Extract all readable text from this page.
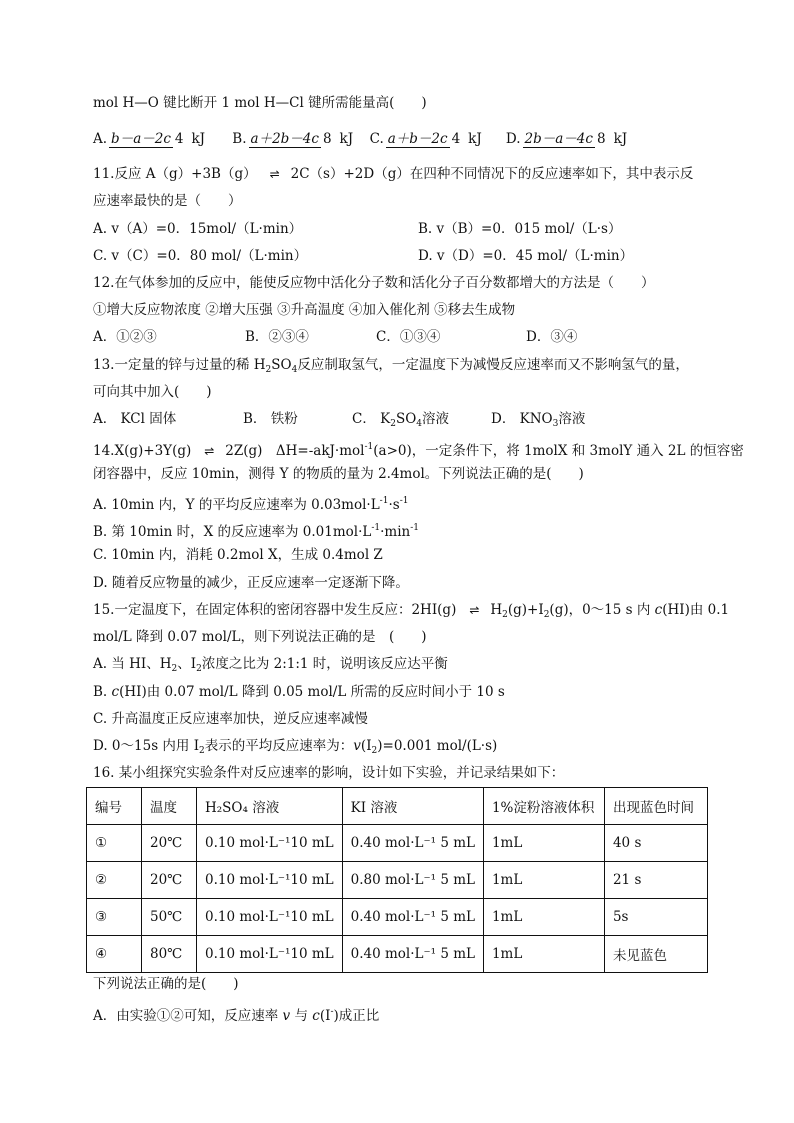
mol H—O 键比断开 1 mol H—Cl 键所需能量高(　　)
A. b－a－2c 4 kJ B. a＋2b－4c 8 kJ C. a＋b－2c 4 kJ D. 2b－a－4c 8 kJ
11.反应 A（g）+3B（g） ⇌ 2C（s）+2D（g）在四种不同情况下的反应速率如下，其中表示反
应速率最快的是（　　）
A. v（A）=0．15mol/（L·min）	B. v（B）=0．015 mol/（L·s）
C. v（C）=0．80 mol/（L·min）	D. v（D）=0．45 mol/（L·min）
12.在气体参加的反应中，能使反应物中活化分子数和活化分子百分数都增大的方法是（　　）
①增大反应物浓度 ②增大压强 ③升高温度 ④加入催化剂 ⑤移去生成物
A．①②③	B．②③④	C．①③④	D．③④
13.一定量的锌与过量的稀 $H_2SO_4$反应制取氢气，一定温度下为减慢反应速率而又不影响氢气的量，
可向其中加入(　　)
A． KCl 固体	B． 铁粉	C． $K_2SO_4$溶液	D． $KNO_3$溶液
14.X(g)+3Y(g) ⇌ 2Z(g)　ΔH=-akJ·mol$^{-1}$(a>0)，一定条件下，将 1molX 和 3molY 通入 2L 的恒容密
闭容器中，反应 10min，测得 Y 的物质的量为 2.4mol。下列说法正确的是(　　)
A. 10min 内，Y 的平均反应速率为 $0.03mol\cdot L^{-1}\cdot s^{-1}$
B. 第 10min 时，X 的反应速率为 $0.01mol\cdot L^{-1}\cdot\min^{-1}$
C. 10min 内，消耗 0.2mol X，生成 0.4mol Z
D. 随着反应物量的减少，正反应速率一定逐渐下降。
15.一定温度下，在固定体积的密闭容器中发生反应：2HI(g) ⇌ $H_2(g)+I_2(g)$，0～15 s 内 c(HI)由 0.1
mol/L 降到 0.07 mol/L，则下列说法正确的是　(　　)
A. 当 HI、$H_2$、$I_2$浓度之比为 2:1:1 时，说明该反应达平衡
B. c(HI)由 0.07 mol/L 降到 0.05 mol/L 所需的反应时间小于 10 s
C. 升高温度正反应速率加快，逆反应速率减慢
D. 0～15s 内用 $I_2$表示的平均反应速率为：$v(I_2)=0.001$ mol/(L·s)
16. 某小组探究实验条件对反应速率的影响，设计如下实验，并记录结果如下：
编号	温度	H₂SO₄ 溶液	KI 溶液	1%淀粉溶液体积	出现蓝色时间
①	20℃	0.10 mol·L⁻¹10 mL	0.40 mol·L⁻¹ 5 mL	1mL	40 s
②	20℃	0.10 mol·L⁻¹10 mL	0.80 mol·L⁻¹ 5 mL	1mL	21 s
③	50℃	0.10 mol·L⁻¹10 mL	0.40 mol·L⁻¹ 5 mL	1mL	5s
④	80℃	0.10 mol·L⁻¹10 mL	0.40 mol·L⁻¹ 5 mL	1mL	未见蓝色
下列说法正确的是(　　)
A．由实验①②可知，反应速率 v 与 c(I-)成正比
